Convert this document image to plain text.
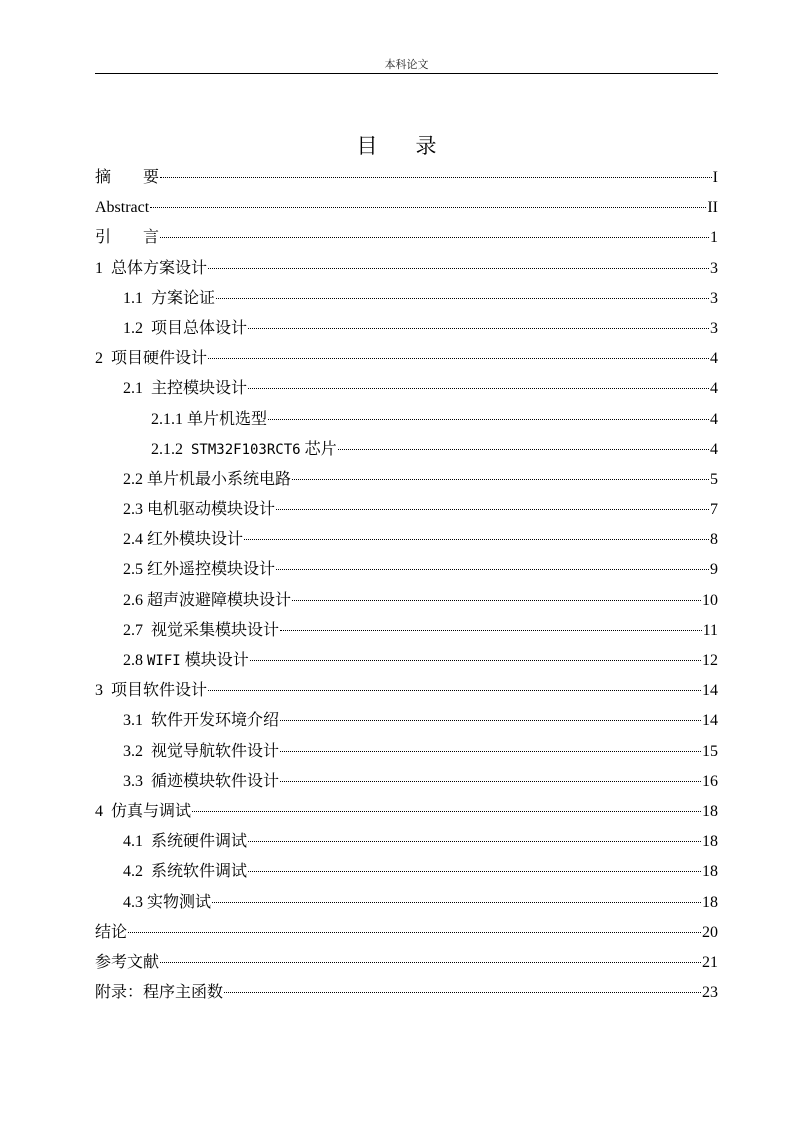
本科论文
目 录
摘　　要	I
Abstract	II
引　　言	1
1  总体方案设计	3
1.1  方案论证	3
1.2  项目总体设计	3
2  项目硬件设计	4
2.1  主控模块设计	4
2.1.1 单片机选型	4
2.1.2  STM32F103RCT6 芯片	4
2.2 单片机最小系统电路	5
2.3 电机驱动模块设计	7
2.4 红外模块设计	8
2.5 红外遥控模块设计	9
2.6 超声波避障模块设计	10
2.7  视觉采集模块设计	11
2.8 WIFI 模块设计	12
3  项目软件设计	14
3.1  软件开发环境介绍	14
3.2  视觉导航软件设计	15
3.3  循迹模块软件设计	16
4  仿真与调试	18
4.1  系统硬件调试	18
4.2  系统软件调试	18
4.3 实物测试	18
结论	20
参考文献	21
附录：程序主函数	23
